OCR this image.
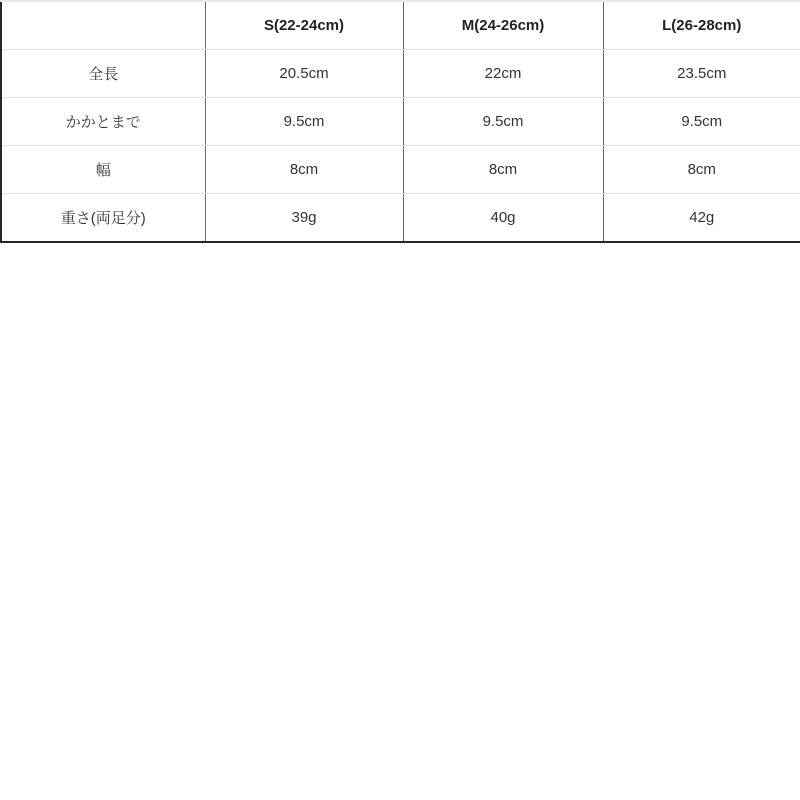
	S(22-24cm)	M(24-26cm)	L(26-28cm)
全長	20.5cm	22cm	23.5cm
かかとまで	9.5cm	9.5cm	9.5cm
幅	8cm	8cm	8cm
重さ(両足分)	39g	40g	42g
